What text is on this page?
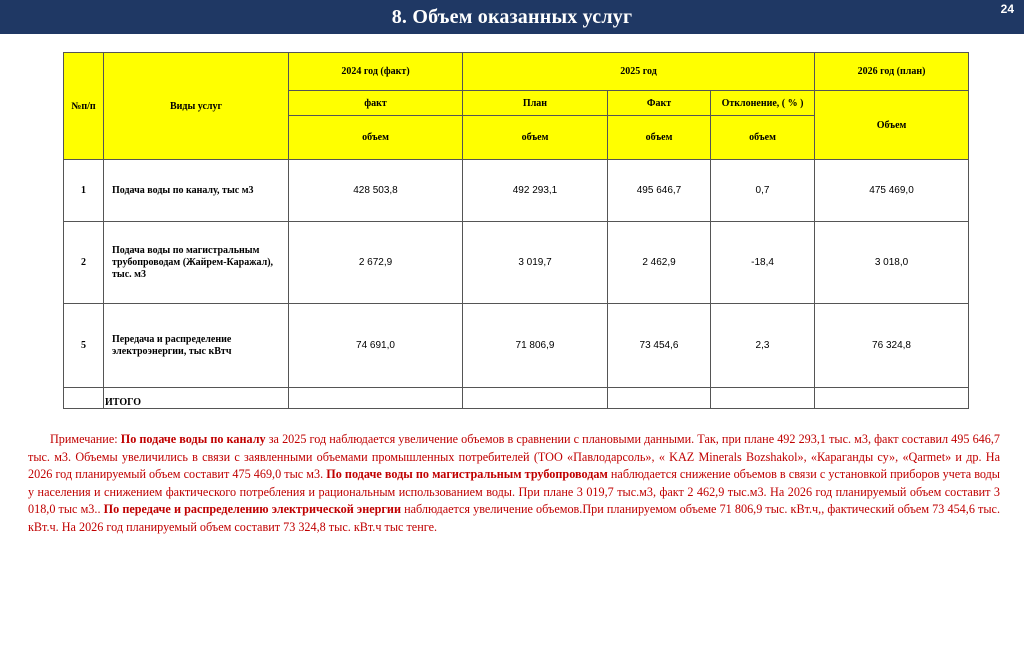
8. Объем оказанных услуг	24
№п/п	Виды услуг	2024 год (факт)	2025 год			2026 год (план)
		факт	План	Факт	Отклонение, ( % )	Объем
		объем	объем	объем	объем	
1	Подача воды по каналу, тыс м3	428 503,8	492 293,1	495 646,7	0,7	475 469,0
2	Подача воды по магистральным трубопроводам (Жайрем-Каражал), тыс. м3	2 672,9	3 019,7	2 462,9	-18,4	3 018,0
5	Передача и распределение электроэнергии, тыс кВтч	74 691,0	71 806,9	73 454,6	2,3	76 324,8
	ИТОГО					
Примечание: По подаче воды по каналу за 2025 год наблюдается увеличение объемов в сравнении с плановыми данными. Так, при плане 492 293,1 тыс. м3, факт составил 495 646,7 тыс. м3. Объемы увеличились в связи с заявленными объемами промышленных потребителей (ТОО «Павлодарсоль», « KAZ Minerals Bozshakol», «Караганды су», «Qarmet» и др. На 2026 год планируемый объем составит 475 469,0 тыс м3. По подаче воды по магистральным трубопроводам наблюдается снижение объемов в связи с установкой приборов учета воды у населения и снижением фактического потребления и рациональным использованием воды. При плане 3 019,7 тыс.м3, факт 2 462,9 тыс.м3. На 2026 год планируемый объем составит 3 018,0 тыс м3.. По передаче и распределению электрической энергии наблюдается увеличение объемов.При планируемом объеме 71 806,9 тыс. кВт.ч,, фактический объем 73 454,6 тыс. кВт.ч. На 2026 год планируемый объем составит 73 324,8 тыс. кВт.ч тыс тенге.
